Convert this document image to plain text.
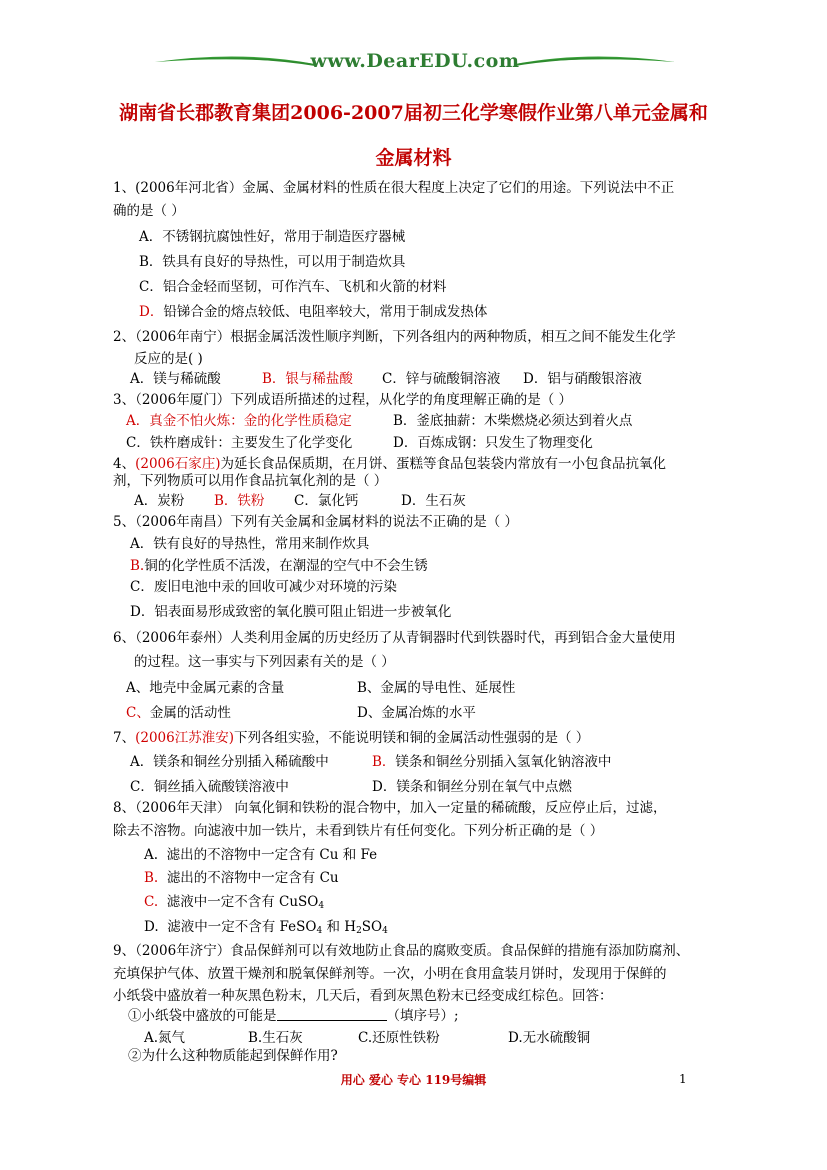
www.DearEDU.com
湖南省长郡教育集团2006-2007届初三化学寒假作业第八单元金属和
金属材料
1、(2006年河北省）金属、金属材料的性质在很大程度上决定了它们的用途。下列说法中不正
确的是（ ）
A．不锈钢抗腐蚀性好，常用于制造医疗器械
B．铁具有良好的导热性，可以用于制造炊具
C．铝合金轻而坚韧，可作汽车、飞机和火箭的材料
D．铅锑合金的熔点较低、电阻率较大，常用于制成发热体
2、（2006年南宁）根据金属活泼性顺序判断，下列各组内的两种物质，相互之间不能发生化学
反应的是( )
A．镁与稀硫酸	B．银与稀盐酸 C．锌与硫酸铜溶液 D．铝与硝酸银溶液
3、（2006年厦门）下列成语所描述的过程，从化学的角度理解正确的是（ ）
A．真金不怕火炼：金的化学性质稳定	B．釜底抽薪：木柴燃烧必须达到着火点
C．铁杵磨成针：主要发生了化学变化	D．百炼成钢：只发生了物理变化
4、(2006石家庄)为延长食品保质期，在月饼、蛋糕等食品包装袋内常放有一小包食品抗氧化
剂，下列物质可以用作食品抗氧化剂的是（ ）
A．炭粉 B．铁粉 C．氯化钙	D．生石灰
5、（2006年南昌）下列有关金属和金属材料的说法不正确的是（ ）
A．铁有良好的导热性，常用来制作炊具
B.铜的化学性质不活泼，在潮湿的空气中不会生锈
C．废旧电池中汞的回收可减少对环境的污染
D．铝表面易形成致密的氧化膜可阻止铝进一步被氧化
6、（2006年泰州）人类利用金属的历史经历了从青铜器时代到铁器时代，再到铝合金大量使用
的过程。这一事实与下列因素有关的是（ ）
A、地壳中金属元素的含量	B、金属的导电性、延展性
C、金属的活动性	D、金属冶炼的水平
7、(2006江苏淮安)下列各组实验，不能说明镁和铜的金属活动性强弱的是（ ）
A．镁条和铜丝分别插入稀硫酸中	B．镁条和铜丝分别插入氢氧化钠溶液中
C．铜丝插入硫酸镁溶液中	D．镁条和铜丝分别在氧气中点燃
8、（2006年天津） 向氧化铜和铁粉的混合物中，加入一定量的稀硫酸，反应停止后，过滤，
除去不溶物。向滤液中加一铁片，未看到铁片有任何变化。下列分析正确的是（ ）
A. 滤出的不溶物中一定含有 Cu 和 Fe
B. 滤出的不溶物中一定含有 Cu
C. 滤液中一定不含有 CuSO$_4$
D. 滤液中一定不含有 FeSO$_4$ 和 $H_2SO_4$
9、（2006年济宁）食品保鲜剂可以有效地防止食品的腐败变质。食品保鲜的措施有添加防腐剂、
充填保护气体、放置干燥剂和脱氧保鲜剂等。一次，小明在食用盒装月饼时，发现用于保鲜的
小纸袋中盛放着一种灰黑色粉末，几天后，看到灰黑色粉末已经变成红棕色。回答：
①小纸袋中盛放的可能是	（填序号）;
A.氮气	B.生石灰	C.还原性铁粉	D.无水硫酸铜
②为什么这种物质能起到保鲜作用?
用心 爱心 专心 119号编辑	1
